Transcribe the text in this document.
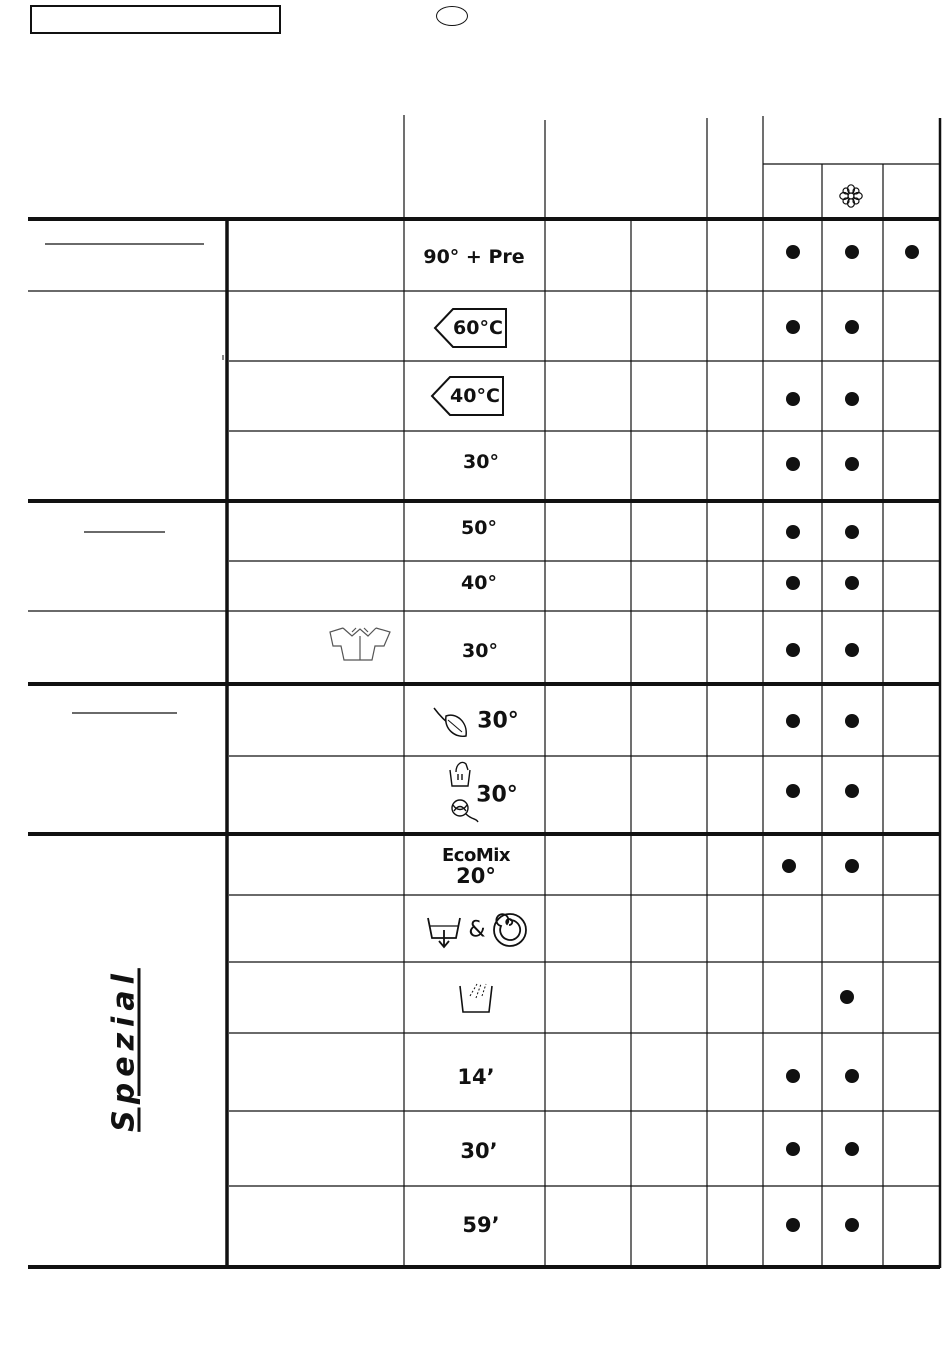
90° + Pre
60°C
40°C
30°
50°
40°
30°
30°
30°
EcoMix
20°
&
14’
30’
59’
Spezial
